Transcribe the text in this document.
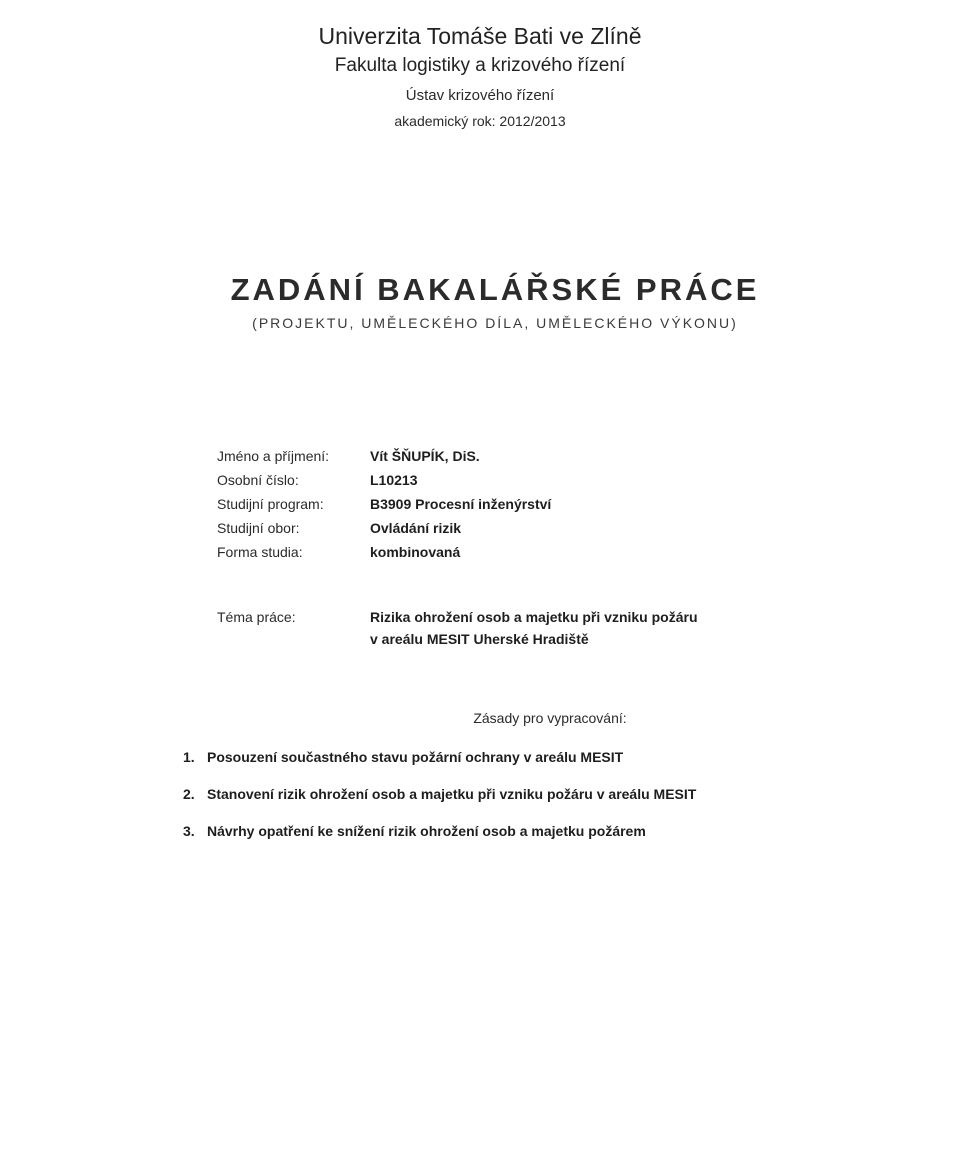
Univerzita Tomáše Bati ve Zlíně

Fakulta logistiky a krizového řízení

Ústav krizového řízení

akademický rok: 2012/2013

ZADÁNÍ BAKALÁŘSKÉ PRÁCE

(PROJEKTU, UMĚLECKÉHO DÍLA, UMĚLECKÉHO VÝKONU)

Jméno a příjmení:	Vít ŠŇUPÍK, DiS.
Osobní číslo:	L10213
Studijní program:	B3909 Procesní inženýrství
Studijní obor:	Ovládání rizik
Forma studia:	kombinovaná
Téma práce:	Rizika ohrožení osob a majetku při vzniku požáru
v areálu MESIT Uherské Hradiště
Zásady pro vypracování:
1. Posouzení součastného stavu požární ochrany v areálu MESIT
2. Stanovení rizik ohrožení osob a majetku při vzniku požáru v areálu MESIT
3. Návrhy opatření ke snížení rizik ohrožení osob a majetku požárem
